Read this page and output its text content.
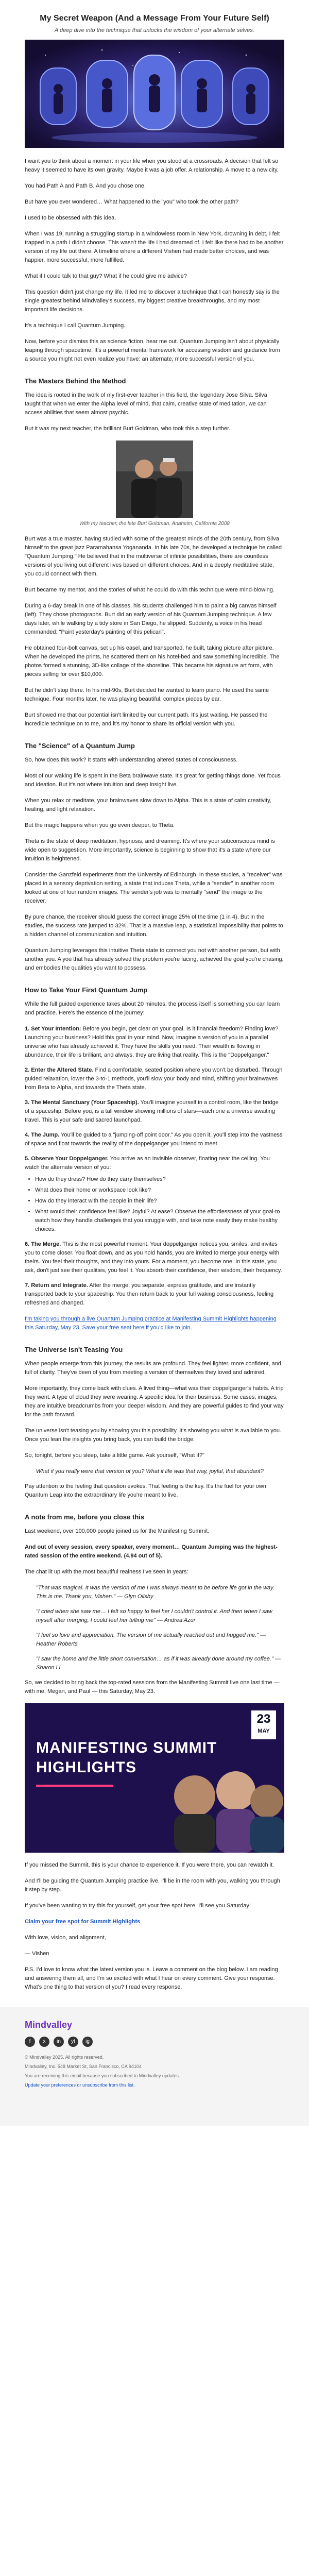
My Secret Weapon (And a Message From Your Future Self)
A deep dive into the technique that unlocks the wisdom of your alternate selves.

I want you to think about a moment in your life when you stood at a crossroads. A decision that felt so heavy it seemed to have its own gravity. Maybe it was a job offer. A relationship. A move to a new city.

You had Path A and Path B. And you chose one.

But have you ever wondered… What happened to the "you" who took the other path?

I used to be obsessed with this idea.

When I was 19, running a struggling startup in a windowless room in New York, drowning in debt, I felt trapped in a path I didn't choose. This wasn't the life I had dreamed of. I felt like there had to be another version of my life out there. A timeline where a different Vishen had made better choices, and was happier, more successful, more fulfilled.

What if I could talk to that guy? What if he could give me advice?

This question didn't just change my life. It led me to discover a technique that I can honestly say is the single greatest behind Mindvalley's success, my biggest creative breakthroughs, and my most important life decisions.

It's a technique I call Quantum Jumping.

Now, before your dismiss this as science fiction, hear me out. Quantum Jumping isn't about physically leaping through spacetime. It's a powerful mental framework for accessing wisdom and guidance from a source you might not even realize you have: an alternate, more successful version of you.

The Masters Behind the Method

The idea is rooted in the work of my first-ever teacher in this field, the legendary Jose Silva. Silva taught that when we enter the Alpha level of mind, that calm, creative state of meditation, we can access abilities that seem almost psychic.

But it was my next teacher, the brilliant Burt Goldman, who took this a step further.

With my teacher, the late Burt Goldman, Anaheim, California 2008

Burt was a true master, having studied with some of the greatest minds of the 20th century, from Silva himself to the great jazz Paramahansa Yogananda. In his late 70s, he developed a technique he called "Quantum Jumping." He believed that in the multiverse of infinite possibilities, there are countless versions of you living out different lives based on different choices. And in a deeply meditative state, you could connect with them.

Burt became my mentor, and the stories of what he could do with this technique were mind-blowing.

During a 6-day break in one of his classes, his students challenged him to paint a big canvas himself (left). They chose photographs. Burt did an early version of his Quantum Jumping technique. A few days later, while walking by a tidy store in San Diego, he slipped. Suddenly, a voice in his head commanded: "Paint yesterday's painting of this pelican".

He obtained four-bolt canvas, set up his easel, and transported, he built, taking picture after picture. When he developed the prints, he scattered them on his hotel-bed and saw something incredible. The photos formed a stunning, 3D-like collage of the shoreline. This became his signature art form, with pieces selling for over $10,000.

But he didn't stop there. In his mid-90s, Burt decided he wanted to learn piano. He used the same technique. Four months later, he was playing beautiful, complex pieces by ear.

Burt showed me that our potential isn't limited by our current path. It's just waiting. He passed the incredible technique on to me, and it's my honor to share its official version with you.

The "Science" of a Quantum Jump

So, how does this work? It starts with understanding altered states of consciousness.

Most of our waking life is spent in the Beta brainwave state. It's great for getting things done. Yet focus and ideation. But it's not where intuition and deep insight live.

When you relax or meditate, your brainwaves slow down to Alpha. This is a state of calm creativity, healing, and light relaxation.

But the magic happens when you go even deeper, to Theta.

Theta is the state of deep meditation, hypnosis, and dreaming. It's where your subconscious mind is wide open to suggestion. More importantly, science is beginning to show that it's a state where our intuition is heightened.

Consider the Ganzfeld experiments from the University of Edinburgh. In these studies, a "receiver" was placed in a sensory deprivation setting, a state that induces Theta, while a "sender" in another room looked at one of four random images. The sender's job was to mentally "send" the image to the receiver.

By pure chance, the receiver should guess the correct image 25% of the time (1 in 4). But in the studies, the success rate jumped to 32%. That is a massive leap, a statistical impossibility that points to a hidden channel of communication and intuition.

Quantum Jumping leverages this intuitive Theta state to connect you not with another person, but with another you. A you that has already solved the problem you're facing, achieved the goal you're chasing, and embodies the qualities you want to possess.

How to Take Your First Quantum Jump

While the full guided experience takes about 20 minutes, the process itself is something you can learn and practice. Here's the essence of the journey:

1. Set Your Intention: Before you begin, get clear on your goal. Is it financial freedom? Finding love? Launching your business? Hold this goal in your mind. Now, imagine a version of you in a parallel universe who has already achieved it. They have the skills you need. Their wealth is flowing in abundance, their life is brilliant, and always, they are living that reality. This is the "Doppelganger."
2. Enter the Altered State. Find a comfortable, seated position where you won't be disturbed. Through guided relaxation, lower the 3-to-1 methods, you'll slow your body and mind, shifting your brainwaves from Beta to Alpha, and towards the Theta state.
3. The Mental Sanctuary (Your Spaceship). You'll imagine yourself in a control room, like the bridge of a spaceship. Before you, is a tall window showing millions of stars—each one a universe awaiting travel. This is your safe and sacred launchpad.
4. The Jump. You'll be guided to a "jumping-off point door." As you open it, you'll step into the vastness of space and float towards the reality of the doppelganger you intend to meet.
5. Observe Your Doppelganger. You arrive as an invisible observer, floating near the ceiling. You watch the alternate version of you:
• How do they dress? How do they carry themselves?
• What does their home or workspace look like?
• How do they interact with the people in their life?
• What would their confidence feel like? Joyful? At ease? Observe the effortlessness of your goal-to watch how they handle challenges that you struggle with, and take note easily they make healthy choices.
6. The Merge. This is the most powerful moment. Your doppelganger notices you, smiles, and invites you to come closer. You float down, and as you hold hands, you are invited to merge your energy with theirs. You feel their thoughts, and they into yours. For a moment, you become one. In this state, you ask, don't just see their qualities, you feel it. You absorb their confidence, their wisdom, their frequency.
7. Return and Integrate. After the merge, you separate, express gratitude, and are instantly transported back to your spaceship. You then return back to your full waking consciousness, feeling refreshed and changed.

I'm taking you through a live Quantum Jumping practice at Manifesting Summit Highlights happening this Saturday, May 23. Save your free seat here if you'd like to join.

The Universe Isn't Teasing You

When people emerge from this journey, the results are profound. They feel lighter, more confident, and full of clarity. They've been of you from meeting a version of themselves they loved and admired.

More importantly, they come back with clues. A lived thing—what was their doppelganger's habits. A trip they went. A type of cloud they were wearing. A specific idea for their business. Some cases, images, they are intuitive breadcrumbs from your deeper wisdom. And they are powerful guides to find your way for the path forward.

The universe isn't teasing you by showing you this possibility. It's showing you what is available to you. Once you lean the insights you bring back, you can build the bridge.

So, tonight, before you sleep, take a little game. Ask yourself, "What if?"

What if you really were that version of you? What if life was that way, joyful, that abundant?

Pay attention to the feeling that question evokes. That feeling is the key. It's the fuel for your own Quantum Leap into the extraordinary life you're meant to live.

A note from me, before you close this

Last weekend, over 100,000 people joined us for the Manifesting Summit.

And out of every session, every speaker, every moment… Quantum Jumping was the highest-rated session of the entire weekend. (4.94 out of 5).

The chat lit up with the most beautiful realness I've seen in years:

"That was magical. It was the version of me I was always meant to be before life got in the way. This is me. Thank you, Vishen." — Glyn Oilsby

"I cried when she saw me… I felt so happy to feel her I couldn't control it. And then when I saw myself after merging, I could feel her telling me" — Andrea Azur

"I feel so love and appreciation. The version of me actually reached out and hugged me." — Heather Roberts

"I saw the home and the little short conversation… as if it was already done around my coffee." — Sharon Li

So, we decided to bring back the top-rated sessions from the Manifesting Summit live one last time — with me, Megan, and Paul — this Saturday, May 23.

MANIFESTING SUMMIT
HIGHLIGHTS
23
MAY

If you missed the Summit, this is your chance to experience it. If you were there, you can rewatch it.

And I'll be guiding the Quantum Jumping practice live. I'll be in the room with you, walking you through it step by step.

If you've been wanting to try this for yourself, get your free spot here. I'll see you Saturday!

Claim your free spot for Summit Highlights

With love, vision, and alignment,

— Vishen

P.S. I'd love to know what the latest version you is. Leave a comment on the blog below. I am reading and answering them all, and I'm so excited with what I hear on every comment. Give your response. What's one thing to that version of you? I read every response.

Mindvalley
f	x	in	yt	ig

© Mindvalley 2025. All rights reserved.

Mindvalley, Inc. 548 Market St, San Francisco, CA 94104

You are receiving this email because you subscribed to Mindvalley updates.

Update your preferences or unsubscribe from this list.
